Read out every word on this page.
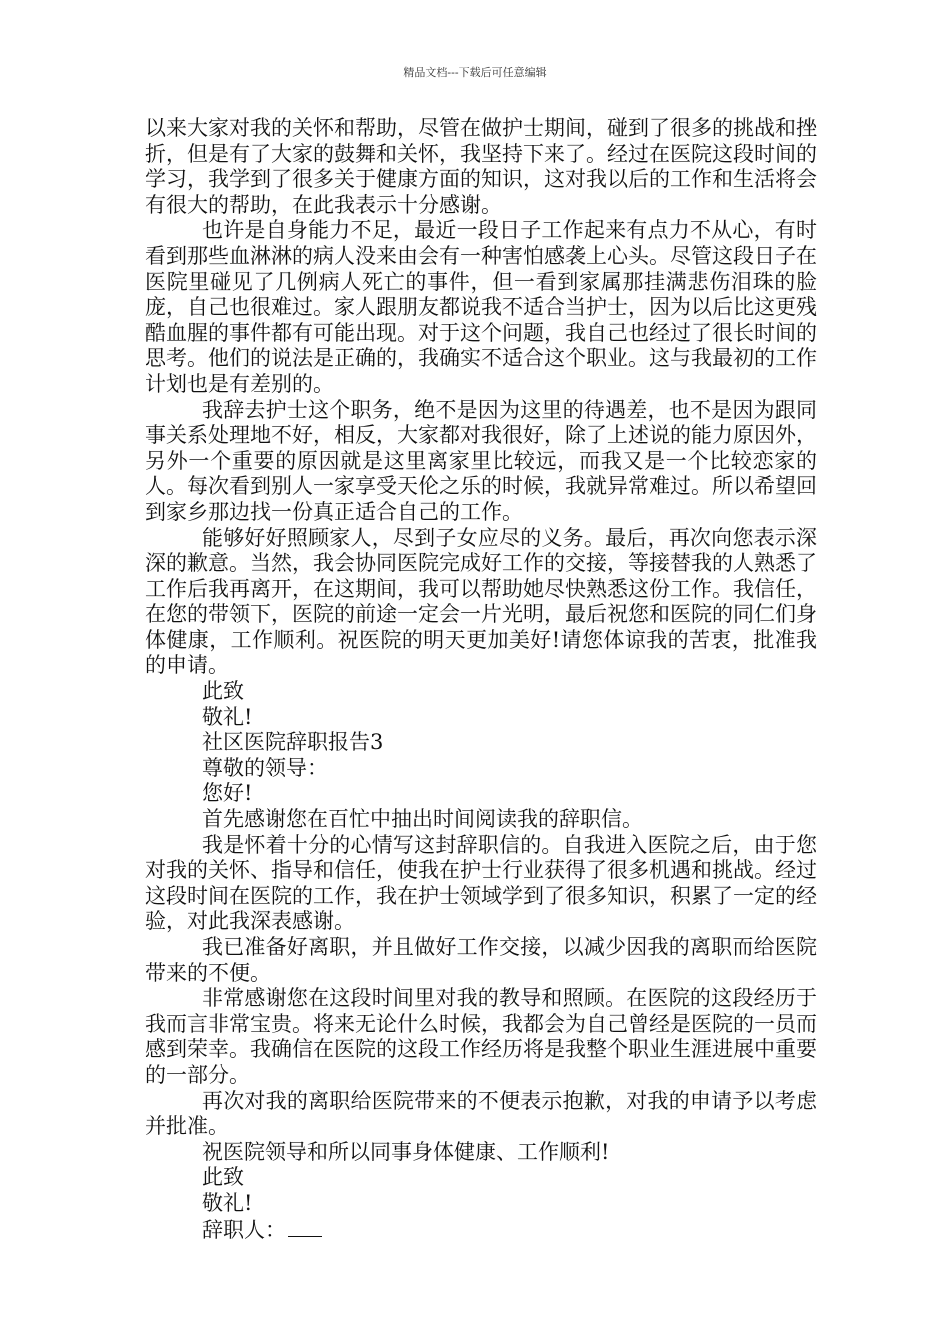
精品文档---下载后可任意编辑

以来大家对我的关怀和帮助，尽管在做护士期间，碰到了很多的挑战和挫折，但是有了大家的鼓舞和关怀，我坚持下来了。经过在医院这段时间的学习，我学到了很多关于健康方面的知识，这对我以后的工作和生活将会有很大的帮助，在此我表示十分感谢。

也许是自身能力不足，最近一段日子工作起来有点力不从心，有时看到那些血淋淋的病人没来由会有一种害怕感袭上心头。尽管这段日子在医院里碰见了几例病人死亡的事件，但一看到家属那挂满悲伤泪珠的脸庞，自己也很难过。家人跟朋友都说我不适合当护士，因为以后比这更残酷血腥的事件都有可能出现。对于这个问题，我自己也经过了很长时间的思考。他们的说法是正确的，我确实不适合这个职业。这与我最初的工作计划也是有差别的。

我辞去护士这个职务，绝不是因为这里的待遇差，也不是因为跟同事关系处理地不好，相反，大家都对我很好，除了上述说的能力原因外，另外一个重要的原因就是这里离家里比较远，而我又是一个比较恋家的人。每次看到别人一家享受天伦之乐的时候，我就异常难过。所以希望回到家乡那边找一份真正适合自己的工作。

能够好好照顾家人，尽到子女应尽的义务。最后，再次向您表示深深的歉意。当然，我会协同医院完成好工作的交接，等接替我的人熟悉了工作后我再离开，在这期间，我可以帮助她尽快熟悉这份工作。我信任，在您的带领下，医院的前途一定会一片光明，最后祝您和医院的同仁们身体健康，工作顺利。祝医院的明天更加美好!请您体谅我的苦衷，批准我的申请。

此致

敬礼!

社区医院辞职报告3

尊敬的领导：

您好!

首先感谢您在百忙中抽出时间阅读我的辞职信。

我是怀着十分的心情写这封辞职信的。自我进入医院之后，由于您对我的关怀、指导和信任，使我在护士行业获得了很多机遇和挑战。经过这段时间在医院的工作，我在护士领域学到了很多知识，积累了一定的经验，对此我深表感谢。

我已准备好离职，并且做好工作交接，以减少因我的离职而给医院带来的不便。

非常感谢您在这段时间里对我的教导和照顾。在医院的这段经历于我而言非常宝贵。将来无论什么时候，我都会为自己曾经是医院的一员而感到荣幸。我确信在医院的这段工作经历将是我整个职业生涯进展中重要的一部分。

再次对我的离职给医院带来的不便表示抱歉，对我的申请予以考虑并批准。

祝医院领导和所以同事身体健康、工作顺利!

此致

敬礼!

辞职人：
